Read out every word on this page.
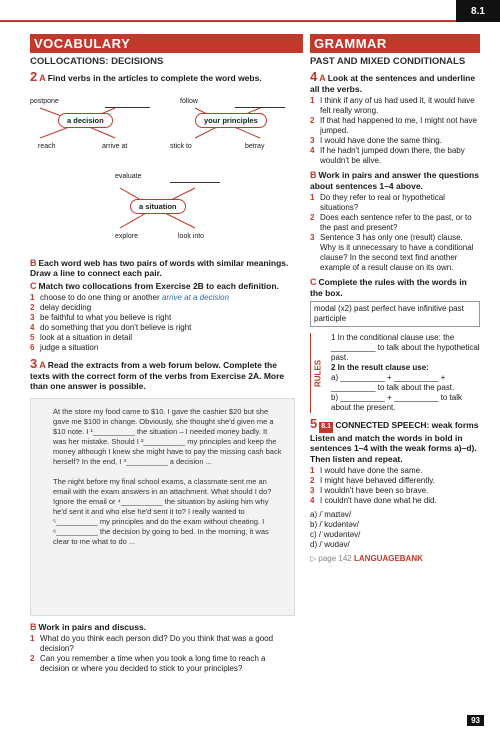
8.1
VOCABULARY
COLLOCATIONS: DECISIONS
2 A Find verbs in the articles to complete the word webs.
postpone
a decision
reach	arrive at
follow
your principles
stick to	betray
evaluate
a situation
explore	look into
B Each word web has two pairs of words with similar meanings. Draw a line to connect each pair.
C Match two collocations from Exercise 2B to each definition.
1 choose to do one thing or another arrive at a decision
2 delay deciding
3 be faithful to what you believe is right
4 do something that you don't believe is right
5 look at a situation in detail
6 judge a situation
3 A Read the extracts from a web forum below. Complete the texts with the correct form of the verbs from Exercise 2A. More than one answer is possible.

At the store my food came to $10. I gave the cashier $20 but she gave me $100 in change. Obviously, she thought she'd given me a $10 note. I ¹__________ the situation – I needed money badly. It was her mistake. Should I ²__________ my principles and keep the money although I knew she might have to pay the missing cash back herself? In the end, I ³__________ a decision ...

The night before my final school exams, a classmate sent me an email with the exam answers in an attachment. What should I do? Ignore the email or ⁴__________ the situation by asking him why he'd sent it and who else he'd sent it to? I really wanted to ⁵__________ my principles and do the exam without cheating. I ⁶__________ the decision by going to bed. In the morning, it was clear to me what to do ...

B Work in pairs and discuss.
1 What do you think each person did? Do you think that was a good decision?
2 Can you remember a time when you took a long time to reach a decision or where you decided to stick to your principles?
GRAMMAR
PAST AND MIXED CONDITIONALS
4 A Look at the sentences and underline all the verbs.
1 I think if any of us had used it, it would have felt really wrong.
2 If that had happened to me, I might not have jumped.
3 I would have done the same thing.
4 If he hadn't jumped down there, the baby wouldn't be alive.
B Work in pairs and answer the questions about sentences 1–4 above.
1 Do they refer to real or hypothetical situations?
2 Does each sentence refer to the past, or to the past and present?
3 Sentence 3 has only one (result) clause. Why is it unnecessary to have a conditional clause? In the second text find another example of a result clause on its own.
C Complete the rules with the words in the box.
modal (x2) past perfect have infinitive past participle
RULES
1 In the conditional clause use: the __________ to talk about the hypothetical past.
2 In the result clause use:
a) __________ + __________ + __________ to talk about the past.
b) __________ + __________ to talk about the present.
5 8.1 CONNECTED SPEECH: weak forms Listen and match the words in bold in sentences 1–4 with the weak forms a)–d). Then listen and repeat.
1 I would have done the same.
2 I might have behaved differently.
3 I wouldn't have been so brave.
4 I couldn't have done what he did.
a) /ˈmaɪtəv/
b) /ˈkʊdəntəv/
c) /ˈwʊdəntəv/
d) /ˈwʊdəv/
▷ page 142 LANGUAGEBANK
93
